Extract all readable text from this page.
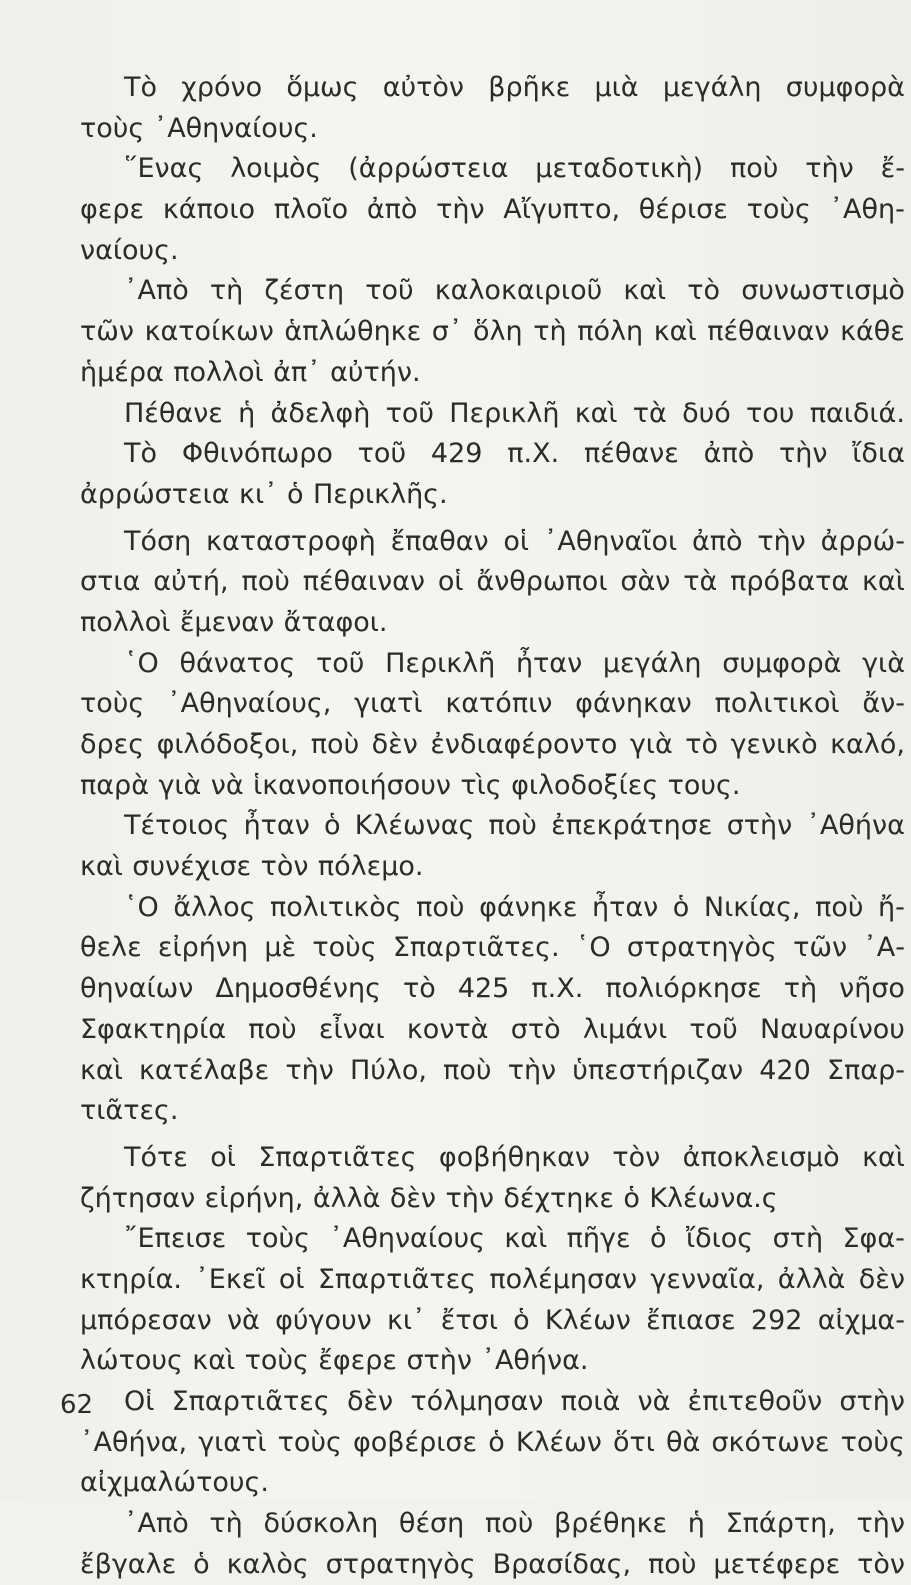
Τὸ χρόνο ὅμως αὐτὸν βρῆκε μιὰ μεγάλη συμφορὰ
τοὺς ᾿Αθηναίους.
῞Ενας λοιμὸς (ἀρρώστεια μεταδοτικὴ) ποὺ τὴν ἔ-
φερε κάποιο πλοῖο ἀπὸ τὴν Αἴγυπτο, θέρισε τοὺς ᾿Αθη-
ναίους.
᾿Απὸ τὴ ζέστη τοῦ καλοκαιριοῦ καὶ τὸ συνωστισμὸ
τῶν κατοίκων ἁπλώθηκε σ᾿ ὅλη τὴ πόλη καὶ πέθαιναν κάθε
ἡμέρα πολλοὶ ἀπ᾿ αὐτήν.
Πέθανε ἡ ἀδελφὴ τοῦ Περικλῆ καὶ τὰ δυό του παιδιά.
Τὸ Φθινόπωρο τοῦ 429 π.Χ. πέθανε ἀπὸ τὴν ἴδια
ἀρρώστεια κι᾿ ὁ Περικλῆς.
Τόση καταστροφὴ ἔπαθαν οἱ ᾿Αθηναῖοι ἀπὸ τὴν ἀρρώ-
στια αὐτή, ποὺ πέθαιναν οἱ ἄνθρωποι σὰν τὰ πρόβατα καὶ
πολλοὶ ἔμεναν ἄταφοι.
῾Ο θάνατος τοῦ Περικλῆ ἦταν μεγάλη συμφορὰ γιὰ
τοὺς ᾿Αθηναίους, γιατὶ κατόπιν φάνηκαν πολιτικοὶ ἄν-
δρες φιλόδοξοι, ποὺ δὲν ἐνδιαφέροντο γιὰ τὸ γενικὸ καλό,
παρὰ γιὰ νὰ ἱκανοποιήσουν τὶς φιλοδοξίες τους.
Τέτοιος ἦταν ὁ Κλέωνας ποὺ ἐπεκράτησε στὴν ᾿Αθήνα
καὶ συνέχισε τὸν πόλεμο.
῾Ο ἄλλος πολιτικὸς ποὺ φάνηκε ἦταν ὁ Νικίας, ποὺ ἤ-
θελε εἰρήνη μὲ τοὺς Σπαρτιᾶτες. ῾Ο στρατηγὸς τῶν ᾿Α-
θηναίων Δημοσθένης τὸ 425 π.Χ. πολιόρκησε τὴ νῆσο
Σφακτηρία ποὺ εἶναι κοντὰ στὸ λιμάνι τοῦ Ναυαρίνου
καὶ κατέλαβε τὴν Πύλο, ποὺ τὴν ὑπεστήριζαν 420 Σπαρ-
τιᾶτες.
Τότε οἱ Σπαρτιᾶτες φοβήθηκαν τὸν ἀποκλεισμὸ καὶ
ζήτησαν εἰρήνη, ἀλλὰ δὲν τὴν δέχτηκε ὁ Κλέωνα.ς
῎Επεισε τοὺς ᾿Αθηναίους καὶ πῆγε ὁ ἴδιος στὴ Σφα-
κτηρία. ᾿Εκεῖ οἱ Σπαρτιᾶτες πολέμησαν γενναῖα, ἀλλὰ δὲν
μπόρεσαν νὰ φύγουν κι᾿ ἔτσι ὁ Κλέων ἔπιασε 292 αἰχμα-
λώτους καὶ τοὺς ἔφερε στὴν ᾿Αθήνα.
Οἱ Σπαρτιᾶτες δὲν τόλμησαν ποιὰ νὰ ἐπιτεθοῦν στὴν
᾿Αθήνα, γιατὶ τοὺς φοβέρισε ὁ Κλέων ὅτι θὰ σκότωνε τοὺς
αἰχμαλώτους.
᾿Απὸ τὴ δύσκολη θέση ποὺ βρέθηκε ἡ Σπάρτη, τὴν
ἔβγαλε ὁ καλὸς στρατηγὸς Βρασίδας, ποὺ μετέφερε τὸν
62
